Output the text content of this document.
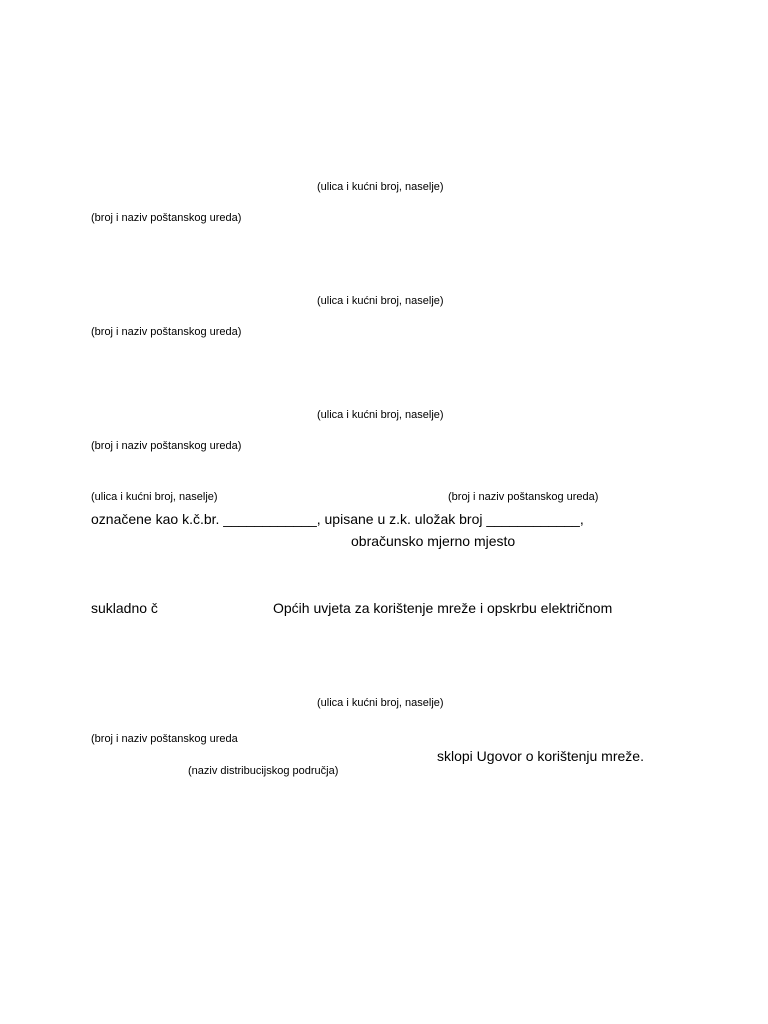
(ulica i kućni broj, naselje)
(broj i naziv poštanskog ureda)
(ulica i kućni broj, naselje)
(broj i naziv poštanskog ureda)
(ulica i kućni broj, naselje)
(broj i naziv poštanskog ureda)
(ulica i kućni broj, naselje)	(broj i naziv poštanskog ureda)
označene kao k.č.br. ____________, upisane u z.k. uložak broj ____________,
obračunsko mjerno mjesto
sukladno č	Općih uvjeta za korištenje mreže i opskrbu električnom
(ulica i kućni broj, naselje)
(broj i naziv poštanskog ureda
sklopi Ugovor o korištenju mreže.
(naziv distribucijskog područja)
